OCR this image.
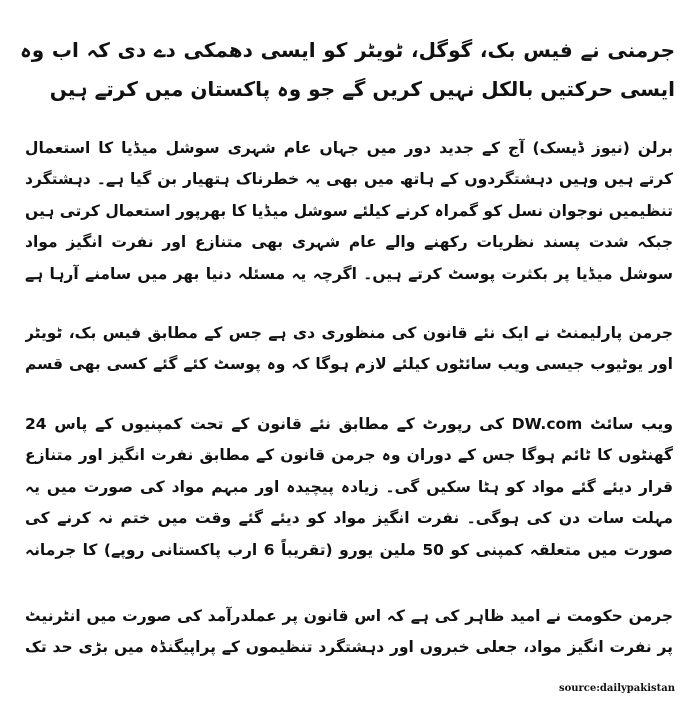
جرمنی نے فیس بک، گوگل، ٹویٹر کو ایسی دھمکی دے دی کہ اب وہ ایسی حرکتیں بالکل نہیں کریں گے جو وہ پاکستان میں کرتے ہیں

برلن (نیوز ڈیسک) آج کے جدید دور میں جہاں عام شہری سوشل میڈیا کا استعمال کرتے ہیں وہیں دہشتگردوں کے ہاتھ میں بھی یہ خطرناک ہتھیار بن گیا ہے۔ دہشتگرد تنظیمیں نوجوان نسل کو گمراہ کرنے کیلئے سوشل میڈیا کا بھرپور استعمال کرتی ہیں جبکہ شدت پسند نظریات رکھنے والے عام شہری بھی متنازع اور نفرت انگیز مواد سوشل میڈیا پر بکثرت پوسٹ کرتے ہیں۔ اگرچہ یہ مسئلہ دنیا بھر میں سامنے آرہا ہے

جرمن پارلیمنٹ نے ایک نئے قانون کی منظوری دی ہے جس کے مطابق فیس بک، ٹویٹر اور یوٹیوب جیسی ویب سائٹوں کیلئے لازم ہوگا کہ وہ پوسٹ کئے گئے کسی بھی قسم

ویب سائٹ DW.com کی رپورٹ کے مطابق نئے قانون کے تحت کمپنیوں کے پاس 24 گھنٹوں کا ٹائم ہوگا جس کے دوران وہ جرمن قانون کے مطابق نفرت انگیز اور متنازع قرار دیئے گئے مواد کو ہٹا سکیں گی۔ زیادہ پیچیدہ اور مبہم مواد کی صورت میں یہ مہلت سات دن کی ہوگی۔ نفرت انگیز مواد کو دیئے گئے وقت میں ختم نہ کرنے کی صورت میں متعلقہ کمپنی کو 50 ملین یورو (تقریباً 6 ارب پاکستانی روپے) کا جرمانہ

جرمن حکومت نے امید ظاہر کی ہے کہ اس قانون پر عملدرآمد کی صورت میں انٹرنیٹ پر نفرت انگیز مواد، جعلی خبروں اور دہشتگرد تنظیموں کے پراپیگنڈہ میں بڑی حد تک

source:dailypakistan
